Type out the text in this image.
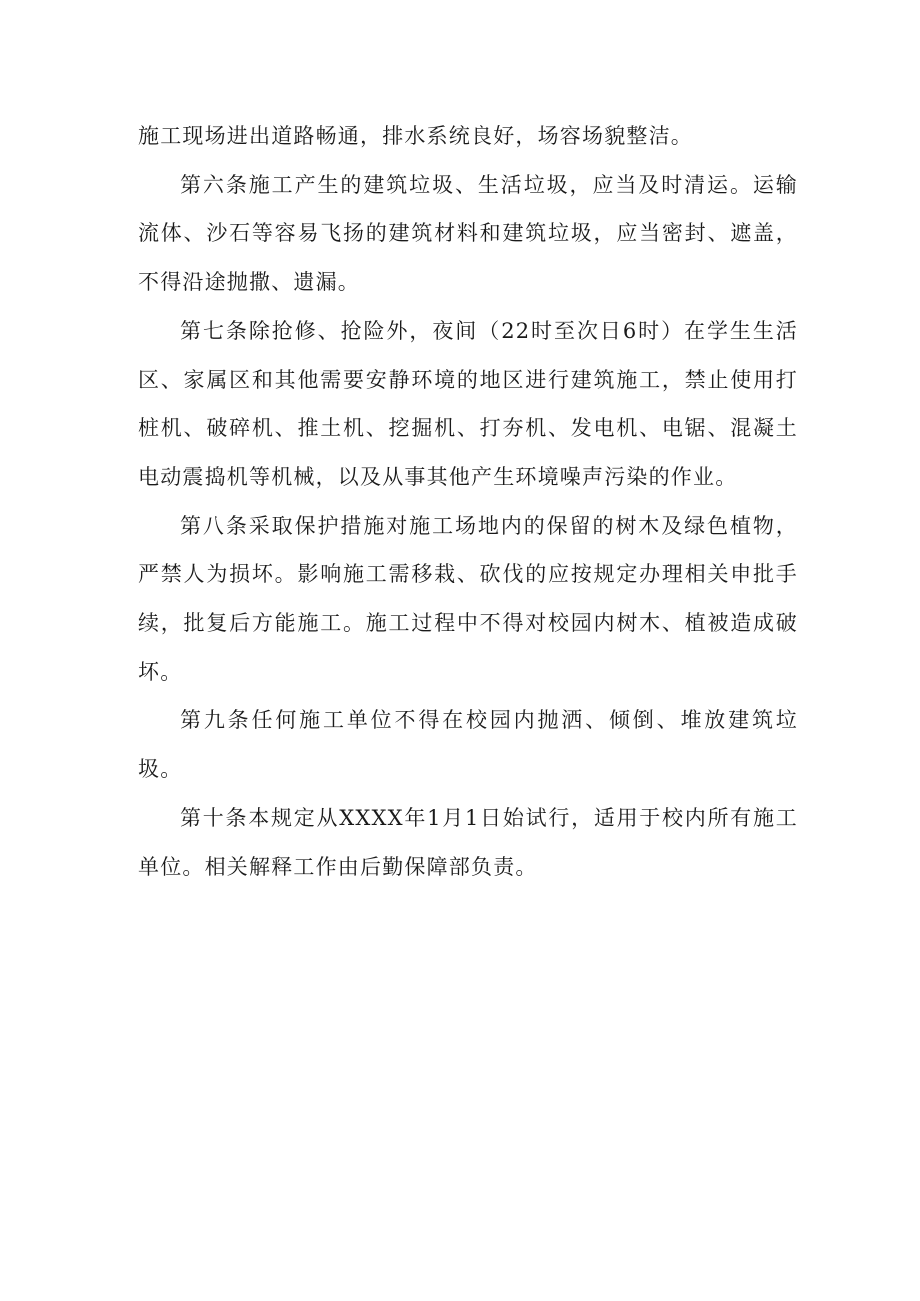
施工现场进出道路畅通，排水系统良好，场容场貌整洁。

第六条施工产生的建筑垃圾、生活垃圾，应当及时清运。运输流体、沙石等容易飞扬的建筑材料和建筑垃圾，应当密封、遮盖，不得沿途抛撒、遗漏。

第七条除抢修、抢险外，夜间（22时至次日6时）在学生生活区、家属区和其他需要安静环境的地区进行建筑施工，禁止使用打桩机、破碎机、推土机、挖掘机、打夯机、发电机、电锯、混凝土电动震捣机等机械，以及从事其他产生环境噪声污染的作业。

第八条采取保护措施对施工场地内的保留的树木及绿色植物，严禁人为损坏。影响施工需移栽、砍伐的应按规定办理相关申批手续，批复后方能施工。施工过程中不得对校园内树木、植被造成破坏。

第九条任何施工单位不得在校园内抛洒、倾倒、堆放建筑垃圾。

第十条本规定从XXXX年1月1日始试行，适用于校内所有施工单位。相关解释工作由后勤保障部负责。
